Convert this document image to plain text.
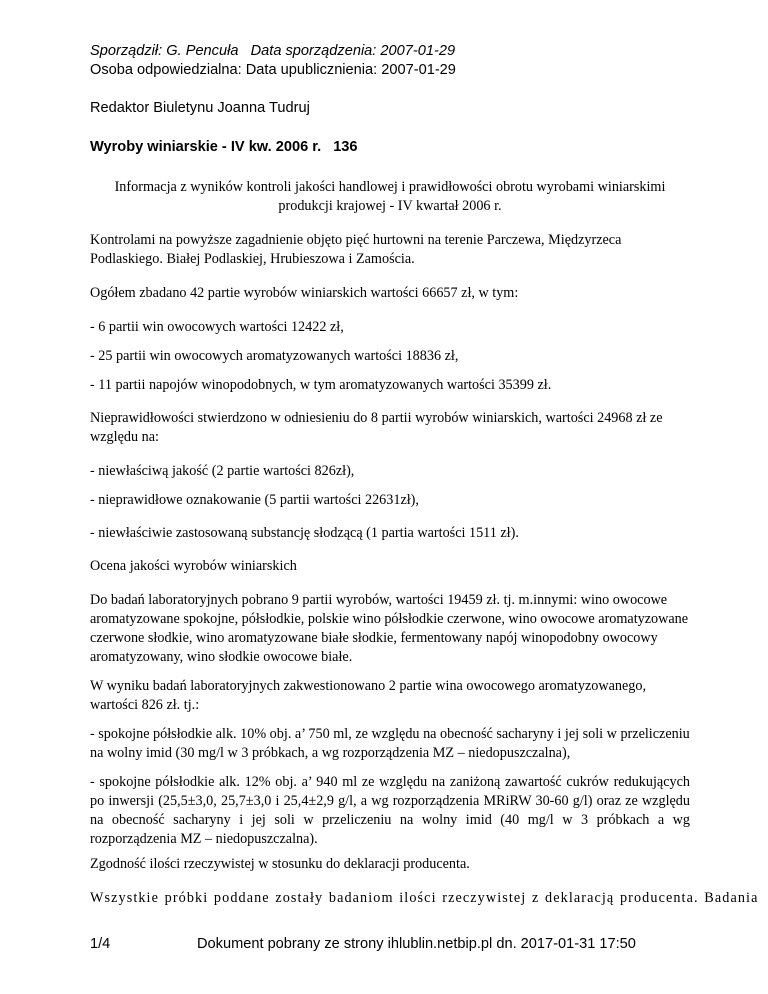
Sporządził: G. Pencuła   Data sporządzenia: 2007-01-29

Osoba odpowiedzialna: Data upublicznienia: 2007-01-29

Redaktor Biuletynu Joanna Tudruj

Wyroby winiarskie - IV kw. 2006 r. 136

Informacja z wyników kontroli jakości handlowej i prawidłowości obrotu wyrobami winiarskimi produkcji krajowej - IV kwartał 2006 r.

Kontrolami na powyższe zagadnienie objęto pięć hurtowni na terenie Parczewa, Międzyrzeca Podlaskiego. Białej Podlaskiej, Hrubieszowa i Zamościa.

Ogółem zbadano 42 partie wyrobów winiarskich wartości 66657 zł, w tym:

- 6 partii win owocowych wartości 12422 zł,

- 25 partii win owocowych aromatyzowanych wartości 18836 zł,

- 11 partii napojów winopodobnych, w tym aromatyzowanych wartości 35399 zł.

Nieprawidłowości stwierdzono w odniesieniu do 8 partii wyrobów winiarskich, wartości 24968 zł ze względu na:

- niewłaściwą jakość (2 partie wartości 826zł),

- nieprawidłowe oznakowanie (5 partii wartości 22631zł),

- niewłaściwie zastosowaną substancję słodzącą (1 partia wartości 1511 zł).

Ocena jakości wyrobów winiarskich

Do badań laboratoryjnych pobrano 9 partii wyrobów, wartości 19459 zł. tj. m.innymi: wino owocowe aromatyzowane spokojne, półsłodkie, polskie wino półsłodkie czerwone, wino owocowe aromatyzowane czerwone słodkie, wino aromatyzowane białe słodkie, fermentowany napój winopodobny owocowy aromatyzowany, wino słodkie owocowe białe.

W wyniku badań laboratoryjnych zakwestionowano 2 partie wina owocowego aromatyzowanego, wartości 826 zł. tj.:

- spokojne półsłodkie alk. 10% obj. a’ 750 ml, ze względu na obecność sacharyny i jej soli w przeliczeniu na wolny imid (30 mg/l w 3 próbkach, a wg rozporządzenia MZ – niedopuszczalna),

- spokojne półsłodkie alk. 12% obj. a’ 940 ml ze względu na zaniżoną zawartość cukrów redukujących po inwersji (25,5±3,0, 25,7±3,0 i 25,4±2,9 g/l, a wg rozporządzenia MRiRW 30-60 g/l) oraz ze względu na obecność sacharyny i jej soli w przeliczeniu na wolny imid (40 mg/l w 3 próbkach a wg rozporządzenia MZ – niedopuszczalna).

Zgodność ilości rzeczywistej w stosunku do deklaracji producenta.

Wszystkie próbki poddane zostały badaniom ilości rzeczywistej z deklaracją producenta. Badania

1/4	Dokument pobrany ze strony ihlublin.netbip.pl dn. 2017-01-31 17:50
